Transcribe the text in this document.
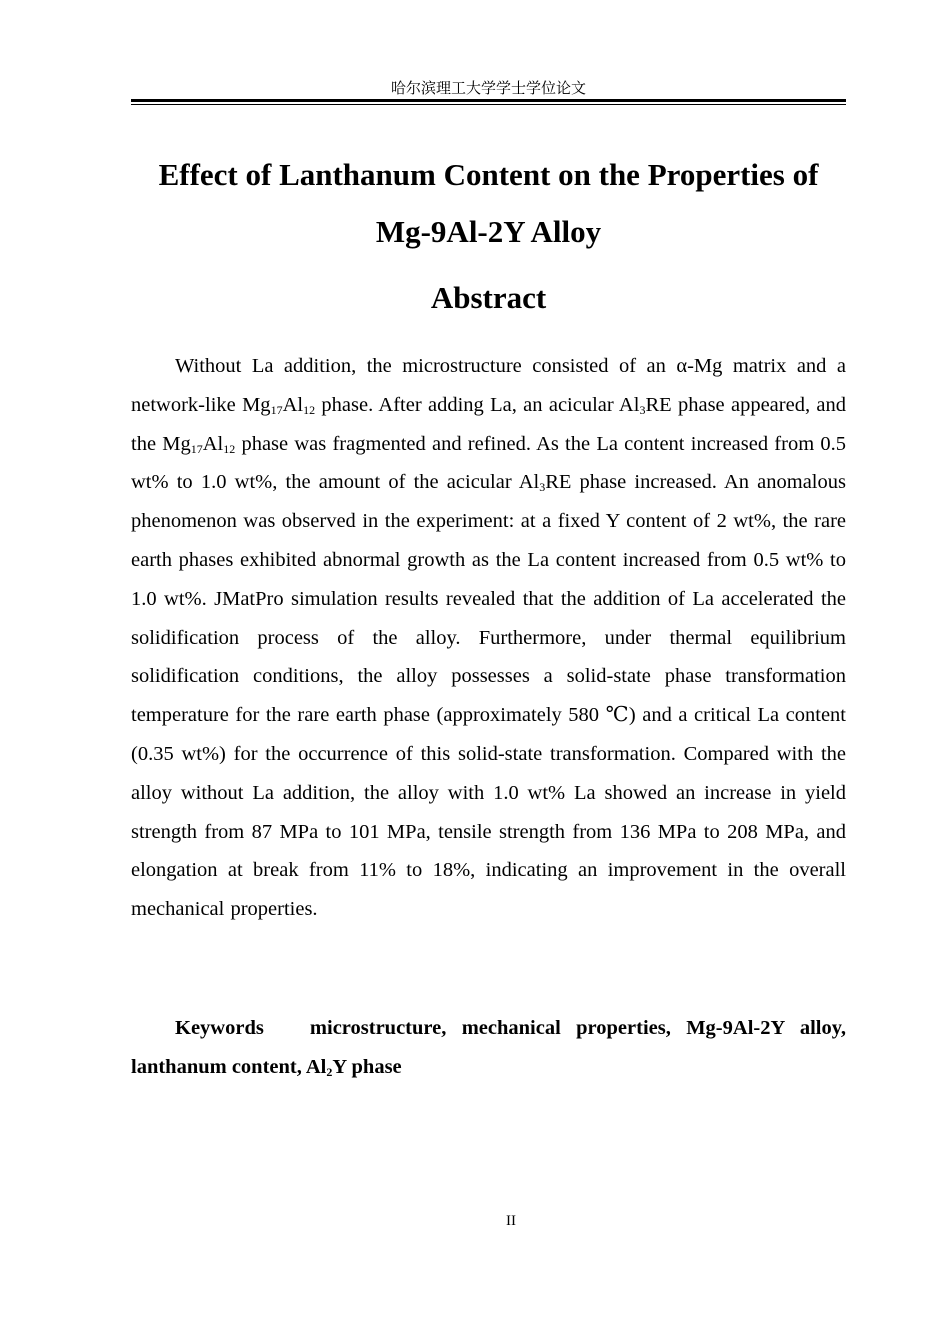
哈尔滨理工大学学士学位论文
Effect of Lanthanum Content on the Properties of
Mg-9Al-2Y Alloy
Abstract

Without La addition, the microstructure consisted of an α-Mg matrix and a network-like $Mg_{17}Al_{12}$ phase. After adding La, an acicular $Al_3RE$ phase appeared, and the $Mg_{17}Al_{12}$ phase was fragmented and refined. As the La content increased from 0.5 wt% to 1.0 wt%, the amount of the acicular $Al_3RE$ phase increased. An anomalous phenomenon was observed in the experiment: at a fixed Y content of 2 wt%, the rare earth phases exhibited abnormal growth as the La content increased from 0.5 wt% to 1.0 wt%. JMatPro simulation results revealed that the addition of La accelerated the solidification process of the alloy. Furthermore, under thermal equilibrium solidification conditions, the alloy possesses a solid-state phase transformation temperature for the rare earth phase (approximately 580 ℃) and a critical La content (0.35 wt%) for the occurrence of this solid-state transformation. Compared with the alloy without La addition, the alloy with 1.0 wt% La showed an increase in yield strength from 87 MPa to 101 MPa, tensile strength from 136 MPa to 208 MPa, and elongation at break from 11% to 18%, indicating an improvement in the overall mechanical properties.

Keywords microstructure, mechanical properties, Mg-9Al-2Y alloy, lanthanum content, $Al_2Y$ phase

II
